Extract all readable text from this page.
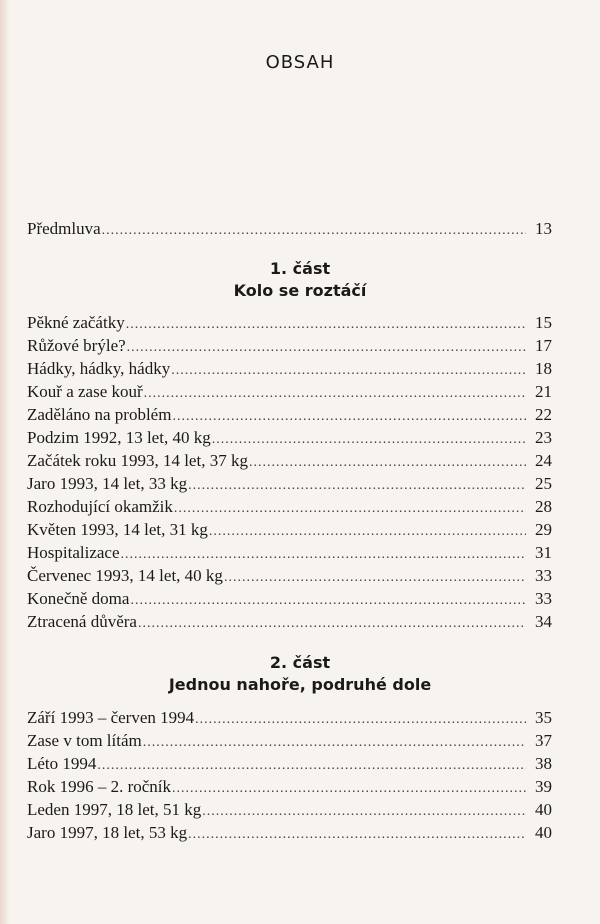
OBSAH
Předmluva .....	13
1. část
Kolo se roztáčí
Pěkné začátky .....	15
Růžové brýle? .....	17
Hádky, hádky, hádky .....	18
Kouř a zase kouř .....	21
Zaděláno na problém .....	22
Podzim 1992, 13 let, 40 kg .....	23
Začátek roku 1993, 14 let, 37 kg .....	24
Jaro 1993, 14 let, 33 kg .....	25
Rozhodující okamžik .....	28
Květen 1993, 14 let, 31 kg .....	29
Hospitalizace .....	31
Červenec 1993, 14 let, 40 kg .....	33
Konečně doma .....	33
Ztracená důvěra .....	34
2. část
Jednou nahoře, podruhé dole
Září 1993 – červen 1994 .....	35
Zase v tom lítám .....	37
Léto 1994 .....	38
Rok 1996 – 2. ročník .....	39
Leden 1997, 18 let, 51 kg .....	40
Jaro 1997, 18 let, 53 kg .....	40
